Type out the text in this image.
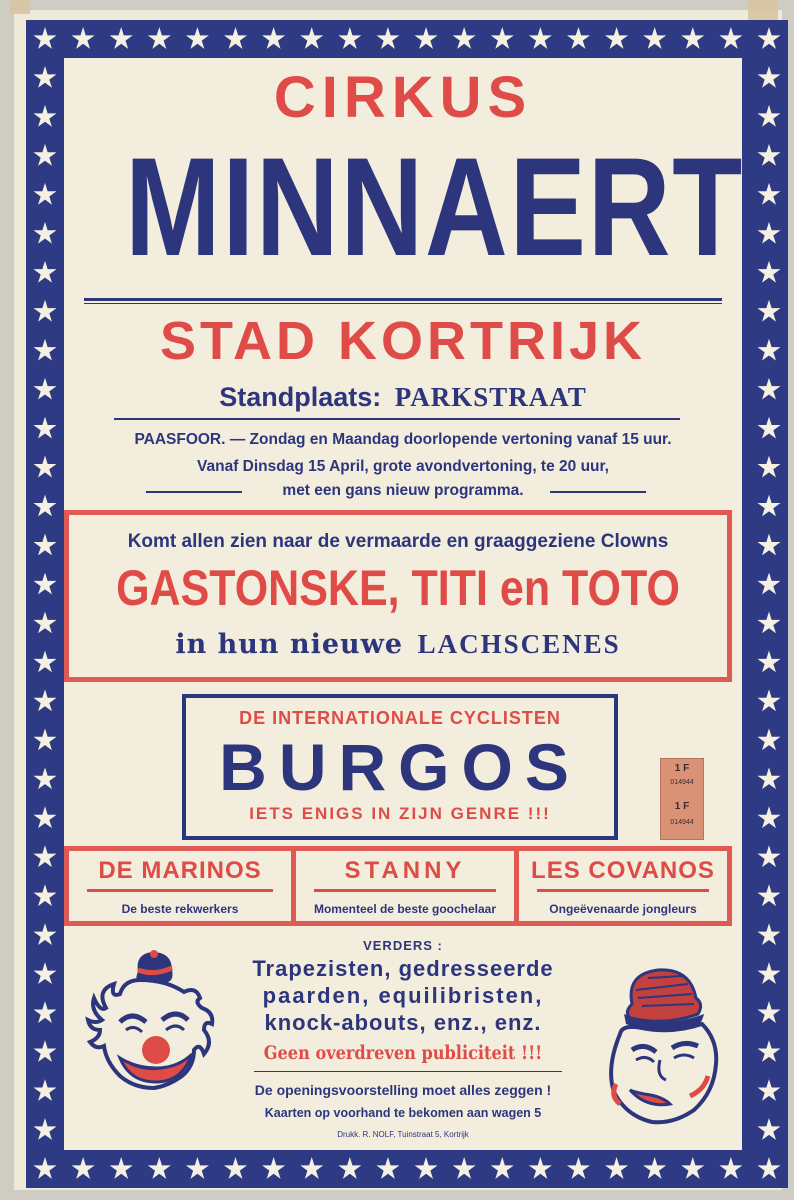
CIRKUS
MINNAERT
STAD KORTRIJK
Standplaats: PARKSTRAAT
PAASFOOR. — Zondag en Maandag doorlopende vertoning vanaf 15 uur.
Vanaf Dinsdag 15 April, grote avondvertoning, te 20 uur,
met een gans nieuw programma.
Komt allen zien naar de vermaarde en graaggeziene Clowns
GASTONSKE, TITI en TOTO
in hun nieuwe LACHSCENES
DE INTERNATIONALE CYCLISTEN
BURGOS
IETS ENIGS IN ZIJN GENRE !!!
1 F
014944
1 F
014944
DE MARINOS
De beste rekwerkers
STANNY
Momenteel de beste goochelaar
LES COVANOS
Ongeëvenaarde jongleurs
VERDERS :
Trapezisten, gedresseerde
paarden, equilibristen,
knock-abouts, enz., enz.
Geen overdreven publiciteit !!!
De openingsvoorstelling moet alles zeggen !
Kaarten op voorhand te bekomen aan wagen 5
Drukk. R. NOLF, Tuinstraat 5, Kortrijk
